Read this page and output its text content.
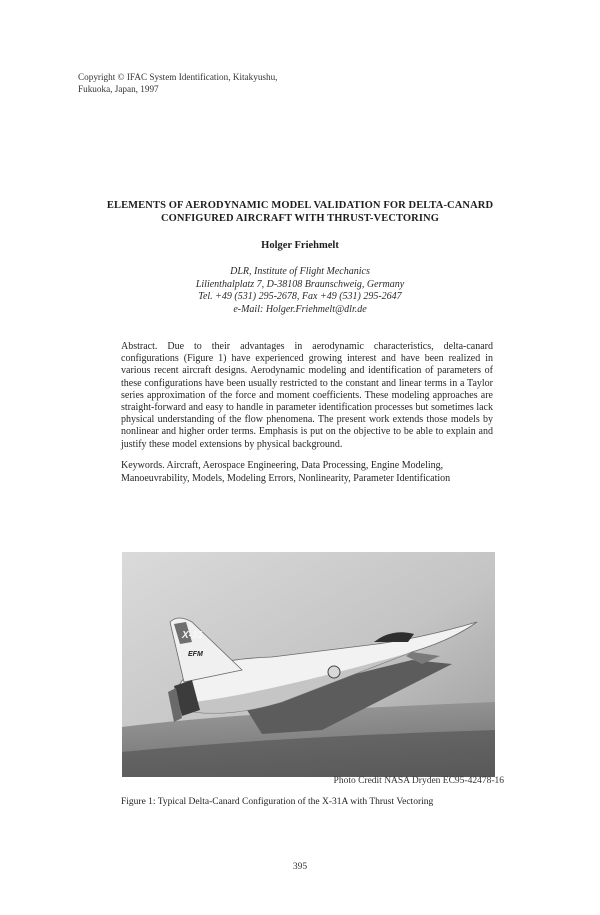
Copyright © IFAC System Identification, Kitakyushu,
Fukuoka, Japan, 1997
ELEMENTS OF AERODYNAMIC MODEL VALIDATION FOR DELTA-CANARD
CONFIGURED AIRCRAFT WITH THRUST-VECTORING
Holger Friehmelt
DLR, Institute of Flight Mechanics
Lilienthalplatz 7, D-38108 Braunschweig, Germany
Tel. +49 (531) 295-2678, Fax +49 (531) 295-2647
e-Mail: Holger.Friehmelt@dlr.de
Abstract. Due to their advantages in aerodynamic characteristics, delta-canard configurations (Figure 1) have experienced growing interest and have been realized in various recent aircraft designs. Aerodynamic modeling and identification of parameters of these configurations have been usually restricted to the constant and linear terms in a Taylor series approximation of the force and moment coefficients. These modeling approaches are straight-forward and easy to handle in parameter identification processes but sometimes lack physical understanding of the flow phenomena. The present work extends those models by nonlinear and higher order terms. Emphasis is put on the objective to be able to explain and justify these model extensions by physical background.
Keywords. Aircraft, Aerospace Engineering, Data Processing, Engine Modeling,
Manoeuvrability, Models, Modeling Errors, Nonlinearity, Parameter Identification
X-31
EFM
Photo Credit NASA Dryden EC95-42478-16
Figure 1: Typical Delta-Canard Configuration of the X-31A with Thrust Vectoring
395
